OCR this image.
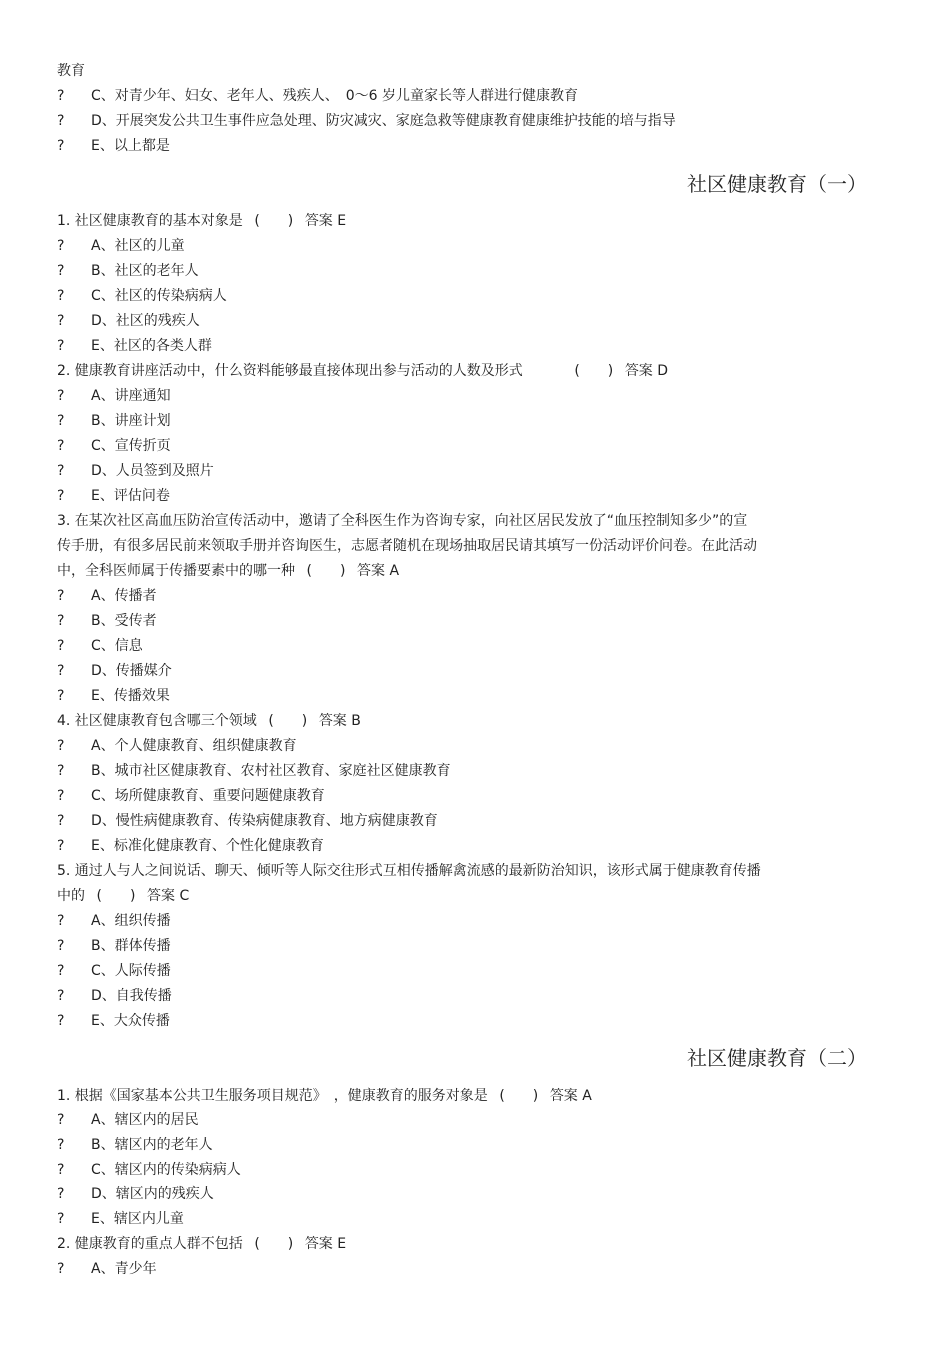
教育
? C、对青少年、妇女、老年人、残疾人、　0～6 岁儿童家长等人群进行健康教育
? D、开展突发公共卫生事件应急处理、防灾减灾、家庭急救等健康教育健康维护技能的培与指导
? E、以上都是
社区健康教育（一）
1. 社区健康教育的基本对象是 (　　) 答案 E
? A、社区的儿童
? B、社区的老年人
? C、社区的传染病病人
? D、社区的残疾人
? E、社区的各类人群
2. 健康教育讲座活动中，什么资料能够最直接体现出参与活动的人数及形式	(　　) 答案 D
? A、讲座通知
? B、讲座计划
? C、宣传折页
? D、人员签到及照片
? E、评估问卷
3. 在某次社区高血压防治宣传活动中，邀请了全科医生作为咨询专家，向社区居民发放了“血压控制知多少”的宣
传手册，有很多居民前来领取手册并咨询医生，志愿者随机在现场抽取居民请其填写一份活动评价问卷。在此活动
中，全科医师属于传播要素中的哪一种 (　　) 答案 A
? A、传播者
? B、受传者
? C、信息
? D、传播媒介
? E、传播效果
4. 社区健康教育包含哪三个领域 (　　) 答案 B
? A、个人健康教育、组织健康教育
? B、城市社区健康教育、农村社区教育、家庭社区健康教育
? C、场所健康教育、重要问题健康教育
? D、慢性病健康教育、传染病健康教育、地方病健康教育
? E、标准化健康教育、个性化健康教育
5. 通过人与人之间说话、聊天、倾听等人际交往形式互相传播解禽流感的最新防治知识，该形式属于健康教育传播
中的 (　　) 答案 C
? A、组织传播
? B、群体传播
? C、人际传播
? D、自我传播
? E、大众传播
社区健康教育（二）
1. 根据《国家基本公共卫生服务项目规范》　，健康教育的服务对象是 (　　) 答案 A
? A、辖区内的居民
? B、辖区内的老年人
? C、辖区内的传染病病人
? D、辖区内的残疾人
? E、辖区内儿童
2. 健康教育的重点人群不包括 (　　) 答案 E
? A、青少年
